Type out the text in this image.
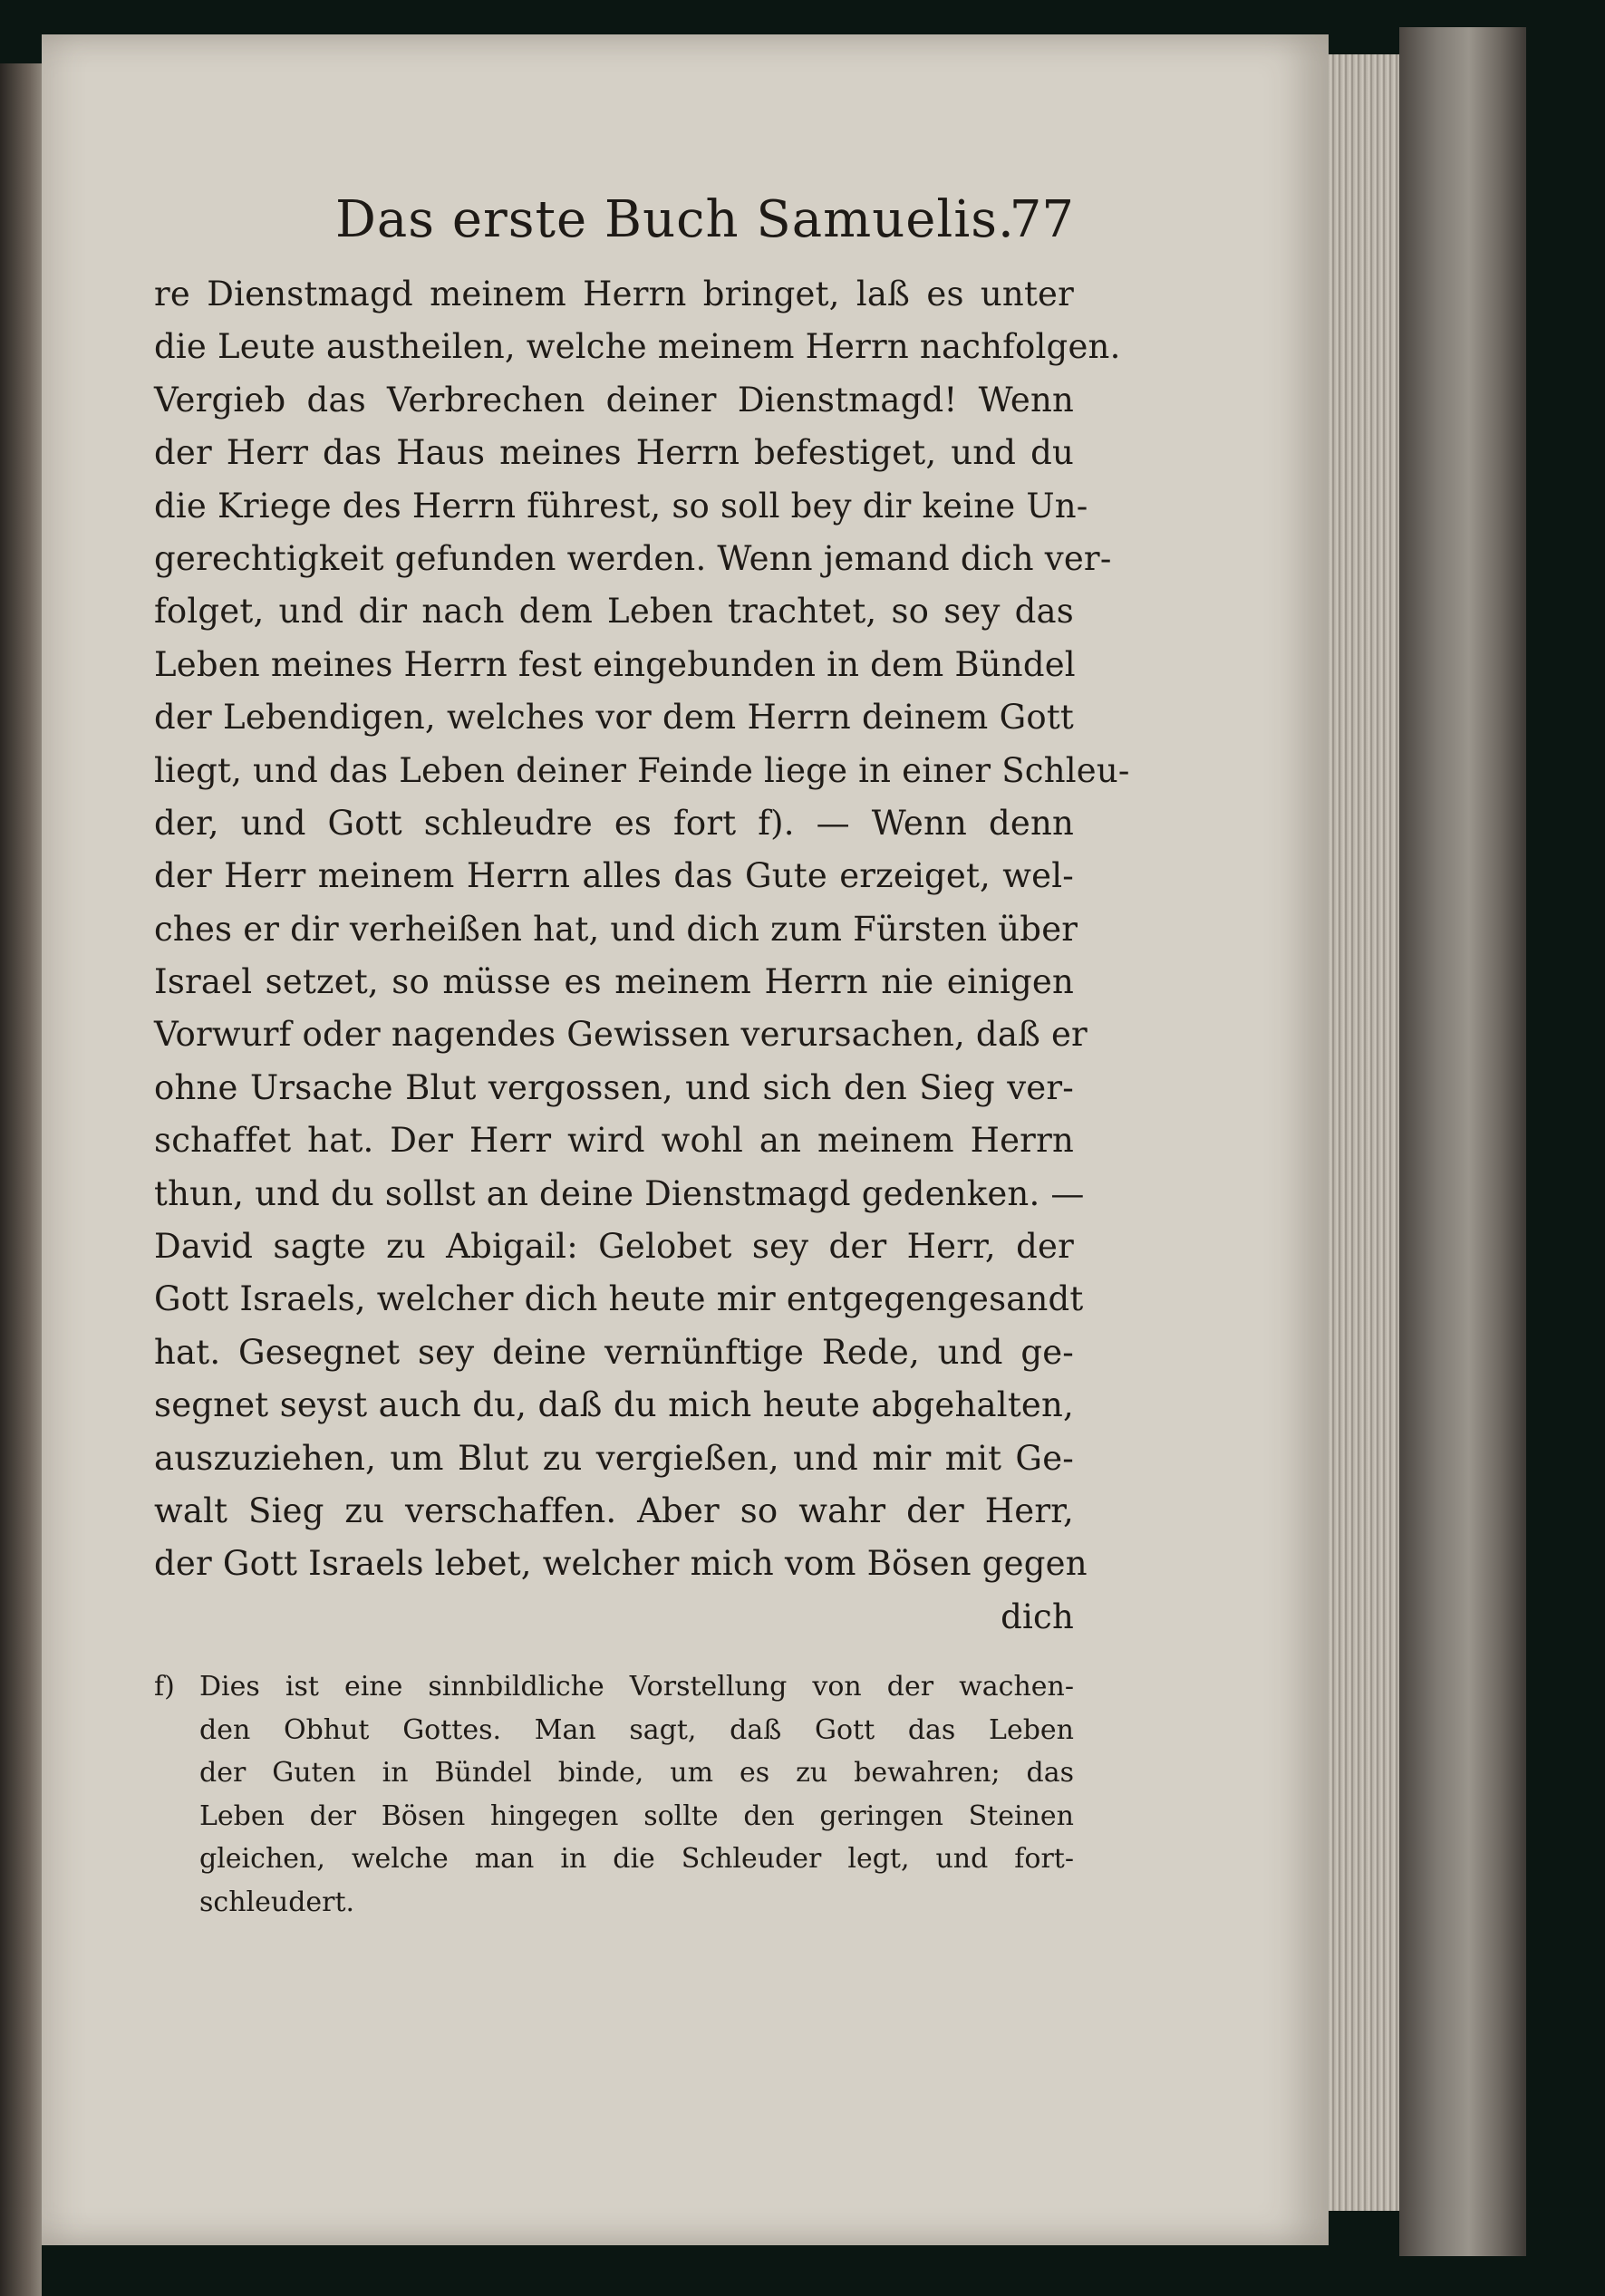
Das erste Buch Samuelis.
77
re Dienstmagd meinem Herrn bringet, laß es unter
die Leute austheilen, welche meinem Herrn nachfolgen.
Vergieb das Verbrechen deiner Dienstmagd! Wenn
der Herr das Haus meines Herrn befestiget, und du
die Kriege des Herrn führest, so soll bey dir keine Un-
gerechtigkeit gefunden werden. Wenn jemand dich ver-
folget, und dir nach dem Leben trachtet, so sey das
Leben meines Herrn fest eingebunden in dem Bündel
der Lebendigen, welches vor dem Herrn deinem Gott
liegt, und das Leben deiner Feinde liege in einer Schleu-
der, und Gott schleudre es fort f). — Wenn denn
der Herr meinem Herrn alles das Gute erzeiget, wel-
ches er dir verheißen hat, und dich zum Fürsten über
Israel setzet, so müsse es meinem Herrn nie einigen
Vorwurf oder nagendes Gewissen verursachen, daß er
ohne Ursache Blut vergossen, und sich den Sieg ver-
schaffet hat. Der Herr wird wohl an meinem Herrn
thun, und du sollst an deine Dienstmagd gedenken. —
David sagte zu Abigail: Gelobet sey der Herr, der
Gott Israels, welcher dich heute mir entgegengesandt
hat. Gesegnet sey deine vernünftige Rede, und ge-
segnet seyst auch du, daß du mich heute abgehalten,
auszuziehen, um Blut zu vergießen, und mir mit Ge-
walt Sieg zu verschaffen. Aber so wahr der Herr,
der Gott Israels lebet, welcher mich vom Bösen gegen
dich
f) Dies ist eine sinnbildliche Vorstellung von der wachen-
den Obhut Gottes. Man sagt, daß Gott das Leben
der Guten in Bündel binde, um es zu bewahren; das
Leben der Bösen hingegen sollte den geringen Steinen
gleichen, welche man in die Schleuder legt, und fort-
schleudert.
